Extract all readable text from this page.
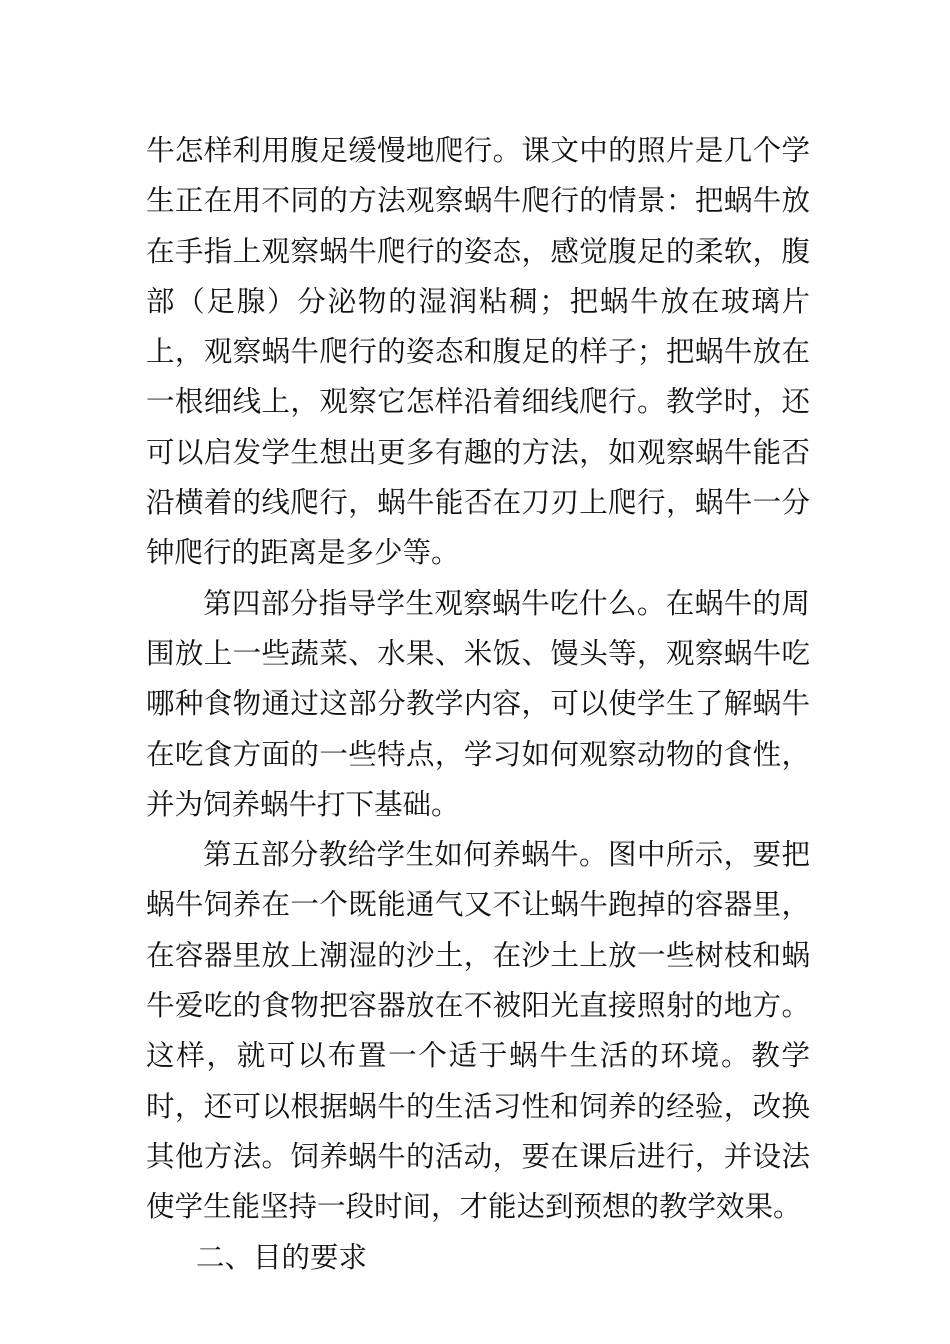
牛怎样利用腹足缓慢地爬行。课文中的照片是几个学生正在用不同的方法观察蜗牛爬行的情景：把蜗牛放在手指上观察蜗牛爬行的姿态，感觉腹足的柔软，腹部（足腺）分泌物的湿润粘稠；把蜗牛放在玻璃片上，观察蜗牛爬行的姿态和腹足的样子；把蜗牛放在一根细线上，观察它怎样沿着细线爬行。教学时，还可以启发学生想出更多有趣的方法，如观察蜗牛能否沿横着的线爬行，蜗牛能否在刀刃上爬行，蜗牛一分钟爬行的距离是多少等。

第四部分指导学生观察蜗牛吃什么。在蜗牛的周围放上一些蔬菜、水果、米饭、馒头等，观察蜗牛吃哪种食物通过这部分教学内容，可以使学生了解蜗牛在吃食方面的一些特点，学习如何观察动物的食性，并为饲养蜗牛打下基础。

第五部分教给学生如何养蜗牛。图中所示，要把蜗牛饲养在一个既能通气又不让蜗牛跑掉的容器里，在容器里放上潮湿的沙土，在沙土上放一些树枝和蜗牛爱吃的食物把容器放在不被阳光直接照射的地方。这样，就可以布置一个适于蜗牛生活的环境。教学时，还可以根据蜗牛的生活习性和饲养的经验，改换其他方法。饲养蜗牛的活动，要在课后进行，并设法使学生能坚持一段时间，才能达到预想的教学效果。

二、目的要求
